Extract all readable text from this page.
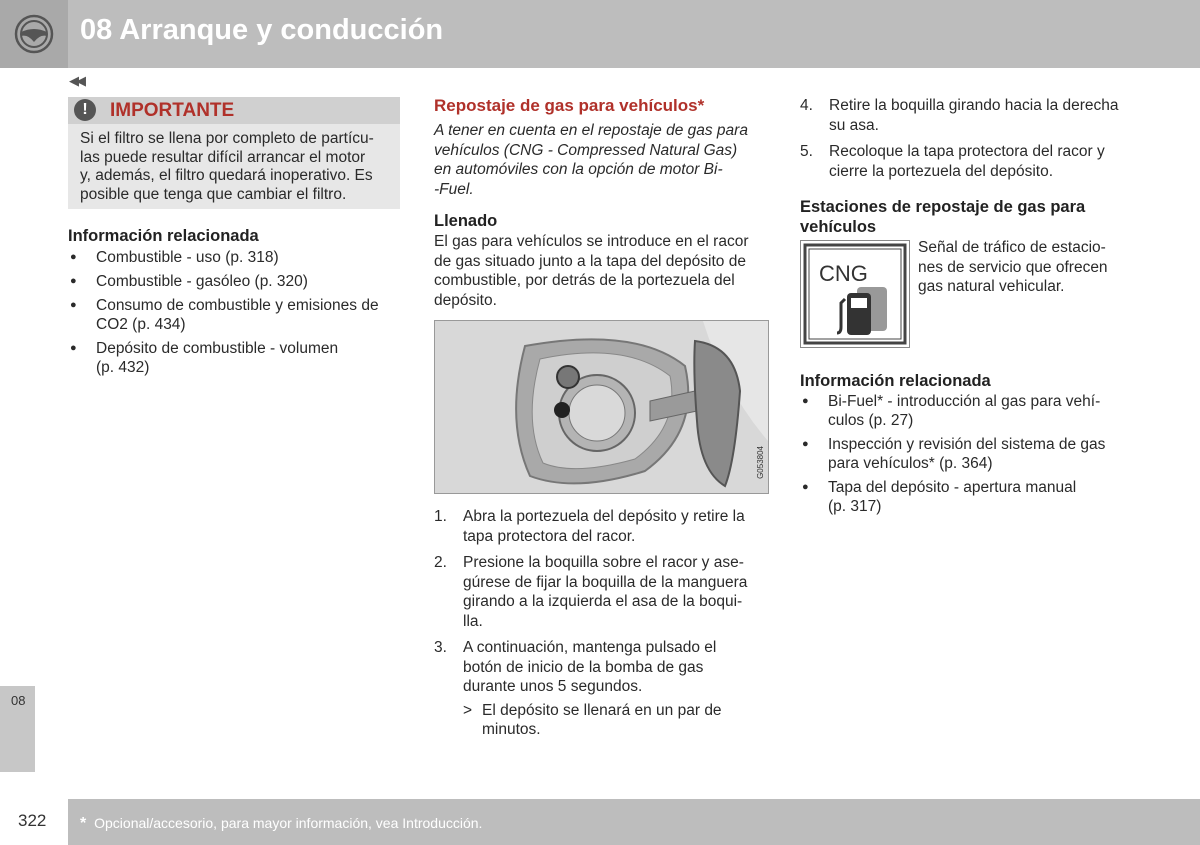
08 Arranque y conducción
◀◀
!	IMPORTANTE
Si el filtro se llena por completo de partícu-
las puede resultar difícil arrancar el motor
y, además, el filtro quedará inoperativo. Es
posible que tenga que cambiar el filtro.
Información relacionada
● Combustible - uso (p. 318)
● Combustible - gasóleo (p. 320)
● Consumo de combustible y emisiones de
CO2 (p. 434)
● Depósito de combustible - volumen
(p. 432)
Repostaje de gas para vehículos*
A tener en cuenta en el repostaje de gas para
vehículos (CNG - Compressed Natural Gas)
en automóviles con la opción de motor Bi-
-Fuel.
Llenado
El gas para vehículos se introduce en el racor
de gas situado junto a la tapa del depósito de
combustible, por detrás de la portezuela del
depósito.
G053804
1. Abra la portezuela del depósito y retire la
tapa protectora del racor.
2. Presione la boquilla sobre el racor y ase-
gúrese de fijar la boquilla de la manguera
girando a la izquierda el asa de la boqui-
lla.
3. A continuación, mantenga pulsado el
botón de inicio de la bomba de gas
durante unos 5 segundos.
> El depósito se llenará en un par de
minutos.
4. Retire la boquilla girando hacia la derecha
su asa.
5. Recoloque la tapa protectora del racor y
cierre la portezuela del depósito.
Estaciones de repostaje de gas para
vehículos
CNG
Señal de tráfico de estacio-
nes de servicio que ofrecen
gas natural vehicular.
Información relacionada
● Bi-Fuel* - introducción al gas para vehí-
culos (p. 27)
● Inspección y revisión del sistema de gas
para vehículos* (p. 364)
● Tapa del depósito - apertura manual
(p. 317)
08
322 * Opcional/accesorio, para mayor información, vea Introducción.
